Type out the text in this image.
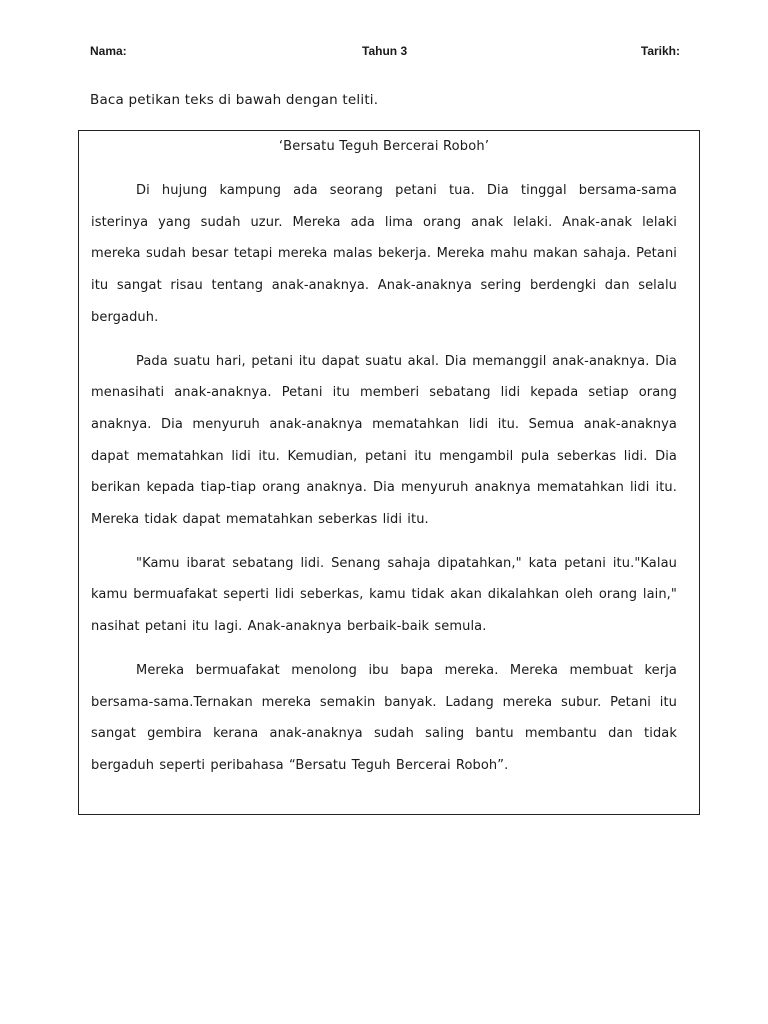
Nama:	Tahun 3	Tarikh:
Baca petikan teks di bawah dengan teliti.
‘Bersatu Teguh Bercerai Roboh’

Di hujung kampung ada seorang petani tua. Dia tinggal bersama-sama isterinya yang sudah uzur. Mereka ada lima orang anak lelaki. Anak-anak lelaki mereka sudah besar tetapi mereka malas bekerja. Mereka mahu makan sahaja. Petani itu sangat risau tentang anak-anaknya. Anak-anaknya sering berdengki dan selalu bergaduh.

Pada suatu hari, petani itu dapat suatu akal. Dia memanggil anak-anaknya. Dia menasihati anak-anaknya. Petani itu memberi sebatang lidi kepada setiap orang anaknya. Dia menyuruh anak-anaknya mematahkan lidi itu. Semua anak-anaknya dapat mematahkan lidi itu. Kemudian, petani itu mengambil pula seberkas lidi. Dia berikan kepada tiap-tiap orang anaknya. Dia menyuruh anaknya mematahkan lidi itu. Mereka tidak dapat mematahkan seberkas lidi itu.

"Kamu ibarat sebatang lidi. Senang sahaja dipatahkan," kata petani itu."Kalau kamu bermuafakat seperti lidi seberkas, kamu tidak akan dikalahkan oleh orang lain," nasihat petani itu lagi. Anak-anaknya berbaik-baik semula.

Mereka bermuafakat menolong ibu bapa mereka. Mereka membuat kerja bersama-sama.Ternakan mereka semakin banyak. Ladang mereka subur. Petani itu sangat gembira kerana anak-anaknya sudah saling bantu membantu dan tidak bergaduh seperti peribahasa “Bersatu Teguh Bercerai Roboh”.
